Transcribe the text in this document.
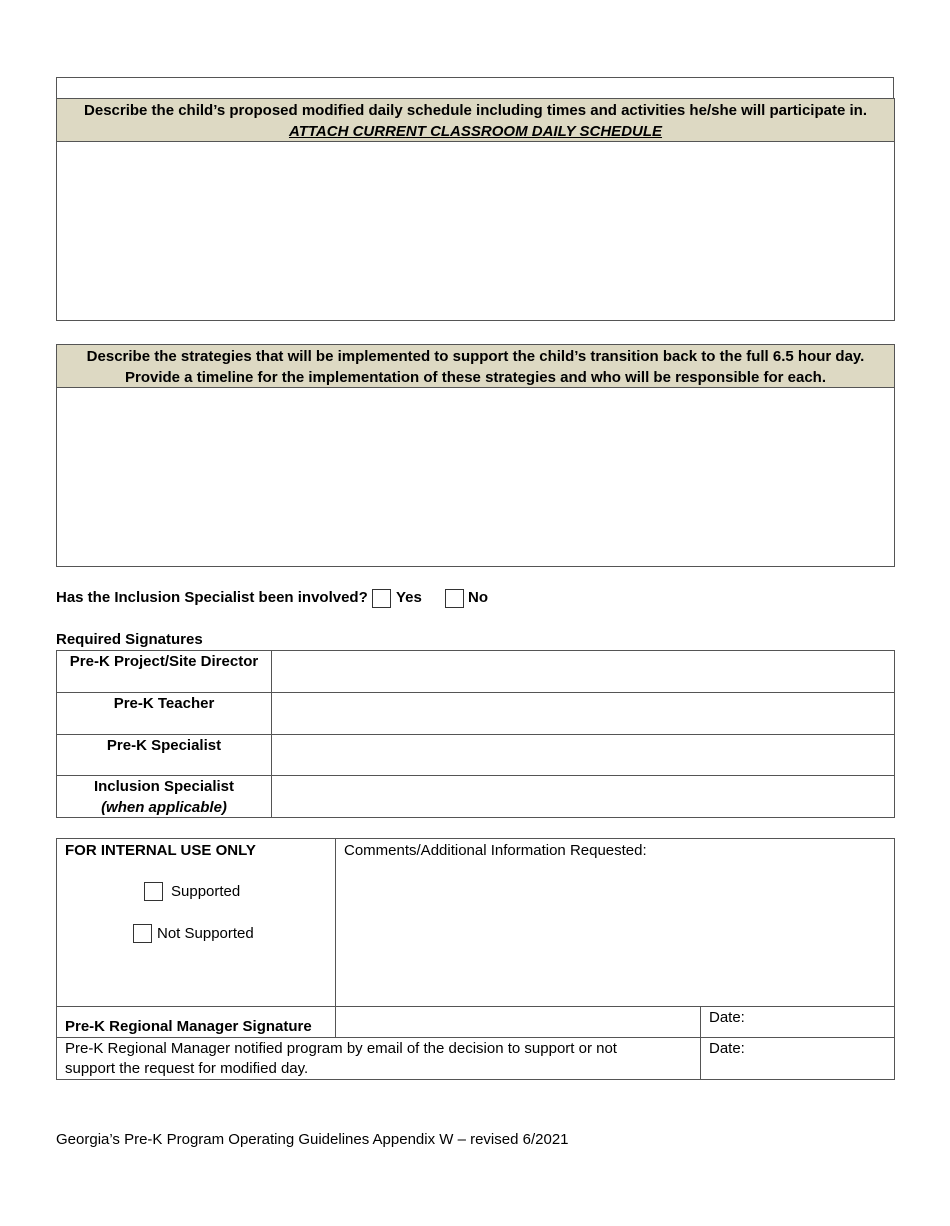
Describe the child’s proposed modified daily schedule including times and activities he/she will participate in.
ATTACH CURRENT CLASSROOM DAILY SCHEDULE
Describe the strategies that will be implemented to support the child’s transition back to the full 6.5 hour day.
Provide a timeline for the implementation of these strategies and who will be responsible for each.
Has the Inclusion Specialist been involved? Yes	No
Required Signatures
Pre-K Project/Site Director
Pre-K Teacher
Pre-K Specialist
Inclusion Specialist
(when applicable)
FOR INTERNAL USE ONLY
Supported
Not Supported
Comments/Additional Information Requested:
Pre-K Regional Manager Signature
Date:
Pre-K Regional Manager notified program by email of the decision to support or not support the request for modified day.
Date:
Georgia’s Pre-K Program Operating Guidelines Appendix W – revised 6/2021
